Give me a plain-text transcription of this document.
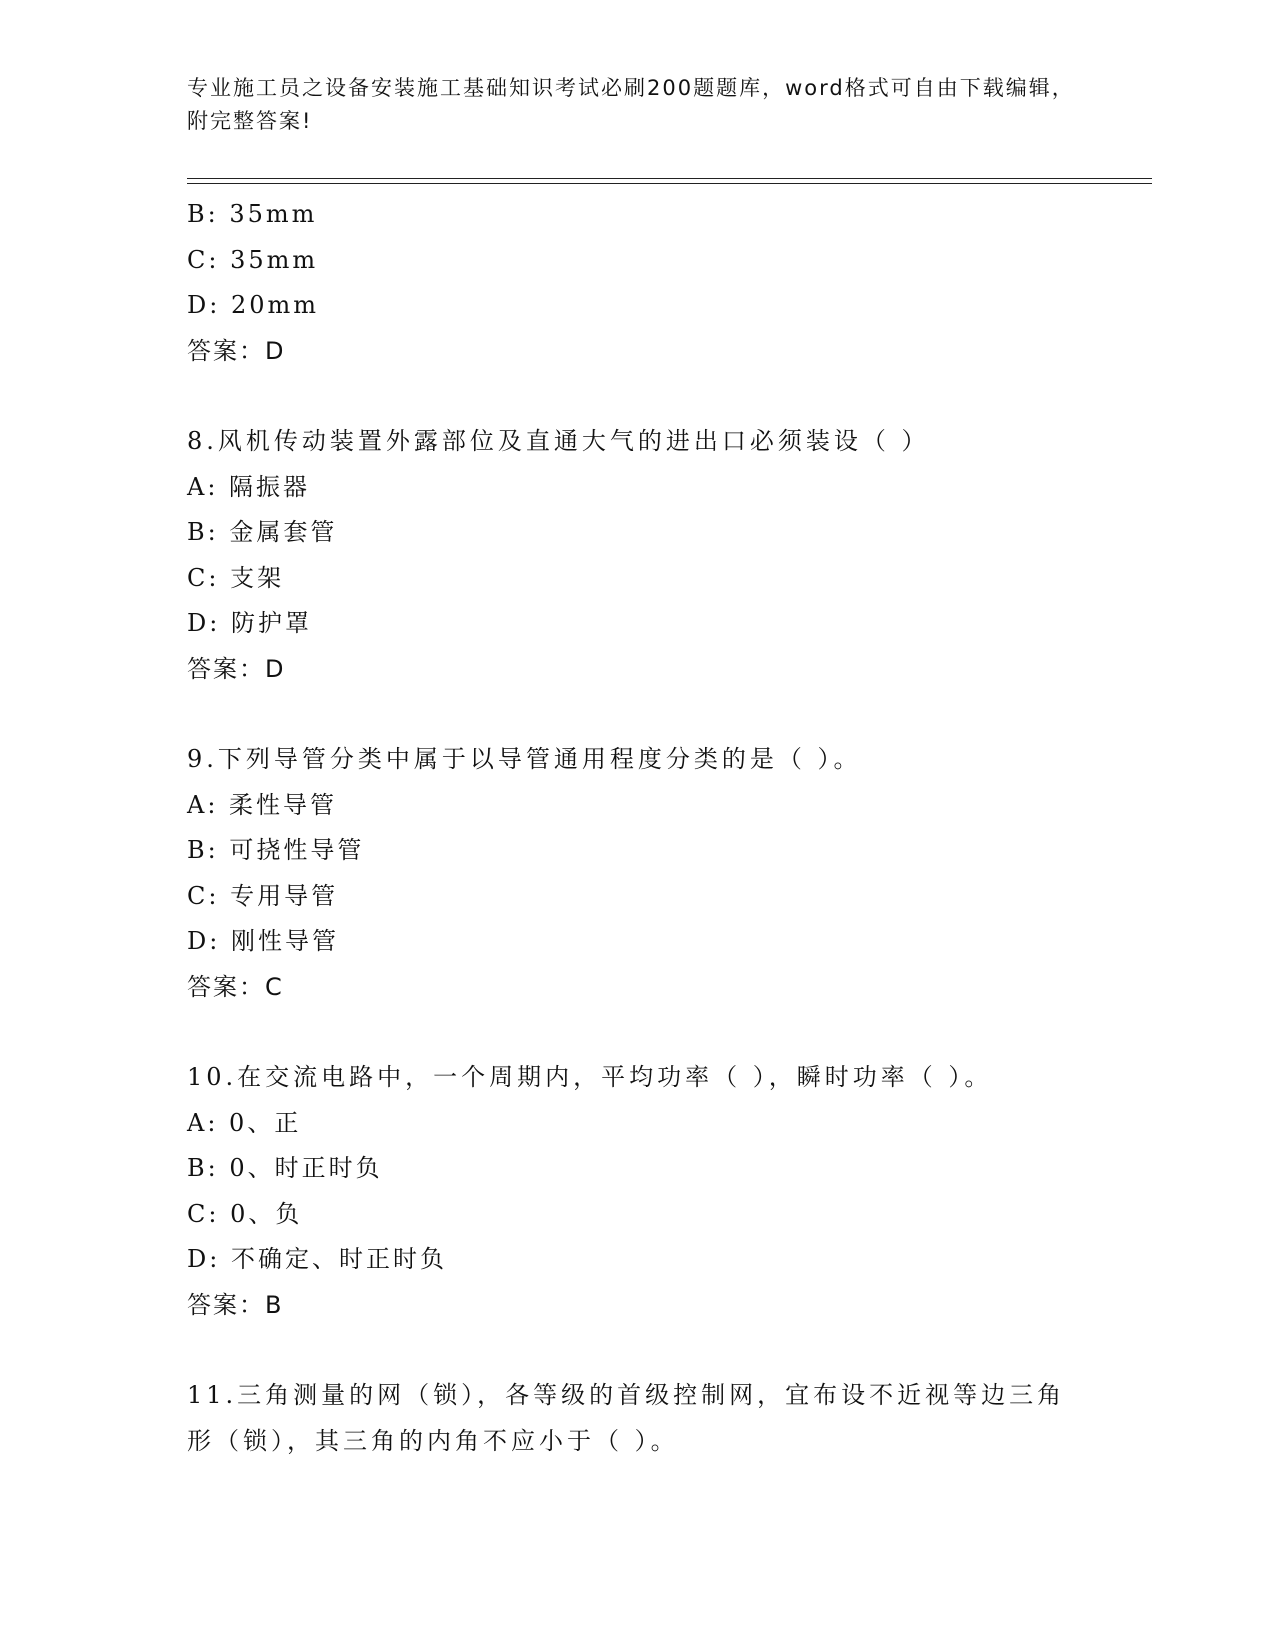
专业施工员之设备安装施工基础知识考试必刷200题题库，word格式可自由下载编辑，附完整答案!
B: 35mm
C: 35mm
D: 20mm
答案：D
8.风机传动装置外露部位及直通大气的进出口必须装设（ ）
A: 隔振器
B: 金属套管
C: 支架
D: 防护罩
答案：D
9.下列导管分类中属于以导管通用程度分类的是（ ）。
A: 柔性导管
B: 可挠性导管
C: 专用导管
D: 刚性导管
答案：C
10.在交流电路中，一个周期内，平均功率（ ），瞬时功率（ ）。
A: 0、正
B: 0、时正时负
C: 0、负
D: 不确定、时正时负
答案：B
11.三角测量的网（锁），各等级的首级控制网，宜布设不近视等边三角形（锁），其三角的内角不应小于（ ）。
